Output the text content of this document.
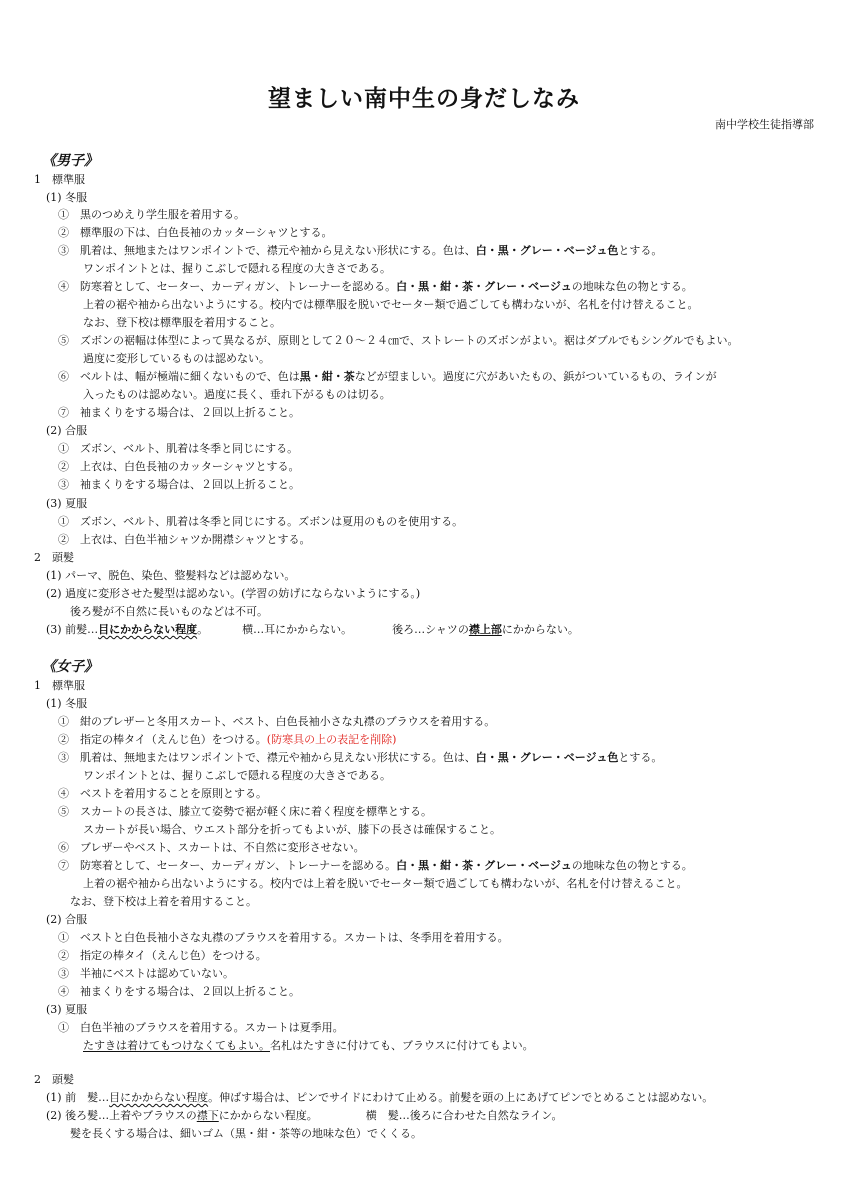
望ましい南中生の身だしなみ
南中学校生徒指導部
《男子》
1　標準服
(1) 冬服
①　黒のつめえり学生服を着用する。
②　標準服の下は、白色長袖のカッターシャツとする。
③　肌着は、無地またはワンポイントで、襟元や袖から見えない形状にする。色は、白・黒・グレー・ベージュ色とする。
ワンポイントとは、握りこぶしで隠れる程度の大きさである。
④　防寒着として、セーター、カーディガン、トレーナーを認める。白・黒・紺・茶・グレー・ベージュの地味な色の物とする。
上着の裾や袖から出ないようにする。校内では標準服を脱いでセーター類で過ごしても構わないが、名札を付け替えること。
なお、登下校は標準服を着用すること。
⑤　ズボンの裾幅は体型によって異なるが、原則として２０～２４㎝で、ストレートのズボンがよい。裾はダブルでもシングルでもよい。
過度に変形しているものは認めない。
⑥　ベルトは、幅が極端に細くないもので、色は黒・紺・茶などが望ましい。過度に穴があいたもの、鋲がついているもの、ラインが
入ったものは認めない。過度に長く、垂れ下がるものは切る。
⑦　袖まくりをする場合は、２回以上折ること。
(2) 合服
①　ズボン、ベルト、肌着は冬季と同じにする。
②　上衣は、白色長袖のカッターシャツとする。
③　袖まくりをする場合は、２回以上折ること。
(3) 夏服
①　ズボン、ベルト、肌着は冬季と同じにする。ズボンは夏用のものを使用する。
②　上衣は、白色半袖シャツか開襟シャツとする。
2　頭髪
(1) パーマ、脱色、染色、整髪料などは認めない。
(2) 過度に変形させた髪型は認めない。(学習の妨げにならないようにする。)
後ろ髪が不自然に長いものなどは不可。
(3) 前髪…目にかからない程度。	横…耳にかからない。	後ろ…シャツの襟上部にかからない。
《女子》
1　標準服
(1) 冬服
①　紺のブレザーと冬用スカート、ベスト、白色長袖小さな丸襟のブラウスを着用する。
②　指定の棒タイ（えんじ色）をつける。(防寒具の上の表記を削除)
③　肌着は、無地またはワンポイントで、襟元や袖から見えない形状にする。色は、白・黒・グレー・ベージュ色とする。
ワンポイントとは、握りこぶしで隠れる程度の大きさである。
④　ベストを着用することを原則とする。
⑤　スカートの長さは、膝立て姿勢で裾が軽く床に着く程度を標準とする。
スカートが長い場合、ウエスト部分を折ってもよいが、膝下の長さは確保すること。
⑥　ブレザーやベスト、スカートは、不自然に変形させない。
⑦　防寒着として、セーター、カーディガン、トレーナーを認める。白・黒・紺・茶・グレー・ベージュの地味な色の物とする。
上着の裾や袖から出ないようにする。校内では上着を脱いでセーター類で過ごしても構わないが、名札を付け替えること。
なお、登下校は上着を着用すること。
(2) 合服
①　ベストと白色長袖小さな丸襟のブラウスを着用する。スカートは、冬季用を着用する。
②　指定の棒タイ（えんじ色）をつける。
③　半袖にベストは認めていない。
④　袖まくりをする場合は、２回以上折ること。
(3) 夏服
①　白色半袖のブラウスを着用する。スカートは夏季用。
たすきは着けてもつけなくてもよい。名札はたすきに付けても、ブラウスに付けてもよい。
2　頭髪
(1) 前　髪…目にかからない程度。伸ばす場合は、ピンでサイドにわけて止める。前髪を頭の上にあげてピンでとめることは認めない。
(2) 後ろ髪…上着やブラウスの襟下にかからない程度。	横　髪…後ろに合わせた自然なライン。
髪を長くする場合は、細いゴム（黒・紺・茶等の地味な色）でくくる。
